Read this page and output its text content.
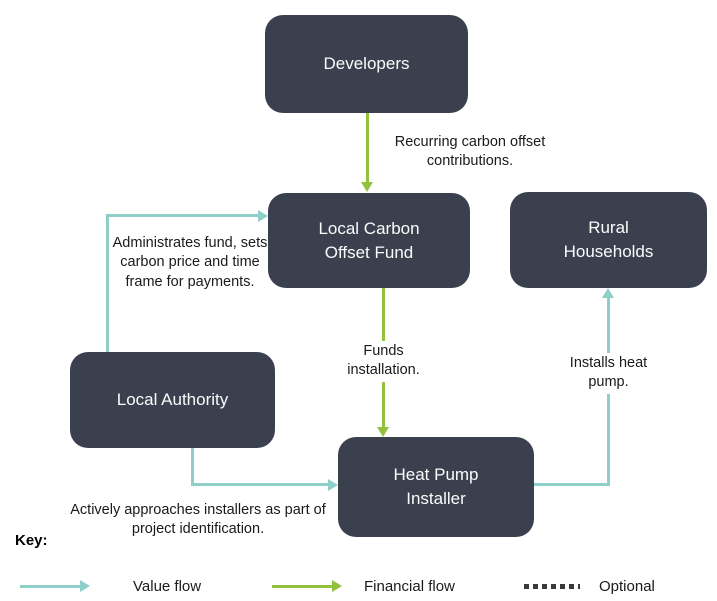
Developers
Local Carbon Offset Fund
Rural Households
Local Authority
Heat Pump Installer
Recurring carbon offset contributions.
Administrates fund, sets carbon price and time frame for payments.
Funds installation.
Actively approaches installers as part of project identification.
Installs heat pump.
Key:
Value flow	Financial flow	Optional
